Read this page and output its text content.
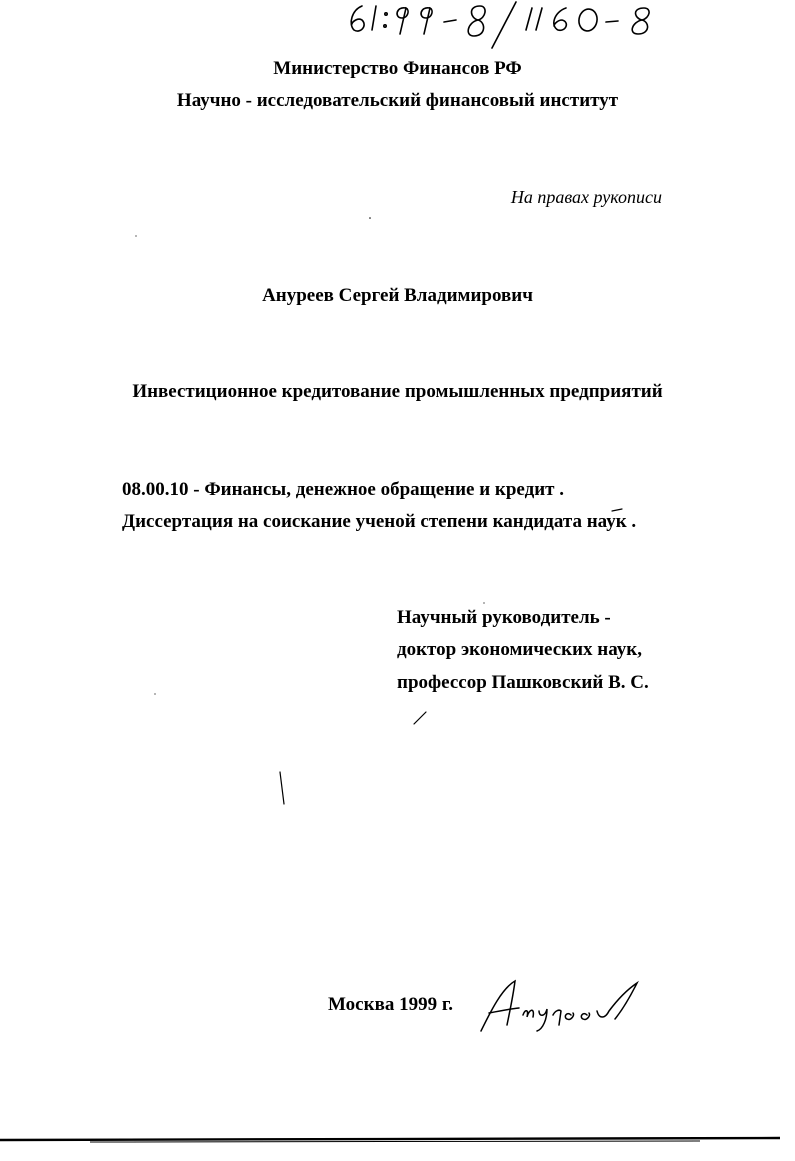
Министерство Финансов РФ
Научно - исследовательский финансовый институт
На правах рукописи
Ануреев Сергей Владимирович
Инвестиционное кредитование промышленных предприятий
08.00.10 - Финансы, денежное обращение и кредит .
Диссертация на соискание ученой степени кандидата наук .
Научный руководитель -
доктор экономических наук,
профессор Пашковский В. С.
Москва 1999 г.
